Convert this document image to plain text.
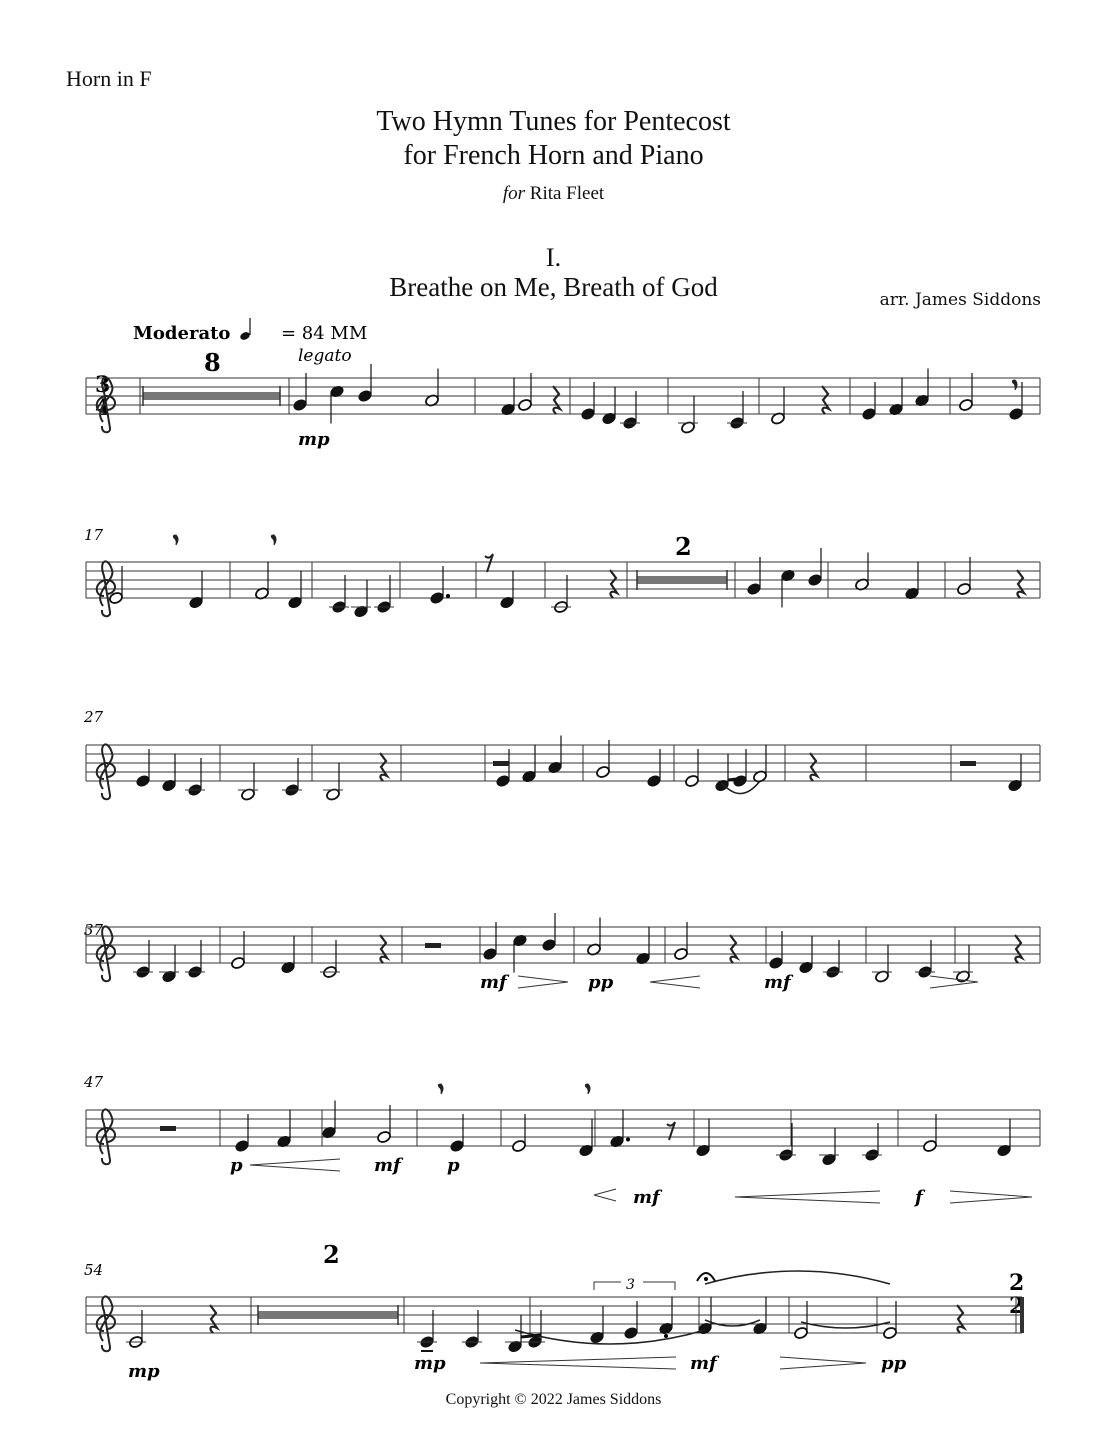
Horn in F
Two Hymn Tunes for Pentecost
for French Horn and Piano
for Rita Fleet
I.
Breathe on Me, Breath of God	arr. James Siddons
Moderato	= 84 MM
legato
3
4
2
2
17
27
37
47
54
8
2
2
mp
mf	pp	mf
p	mf	p
mf	f
mp	mp	mf	pp
3
Copyright © 2022 James Siddons
